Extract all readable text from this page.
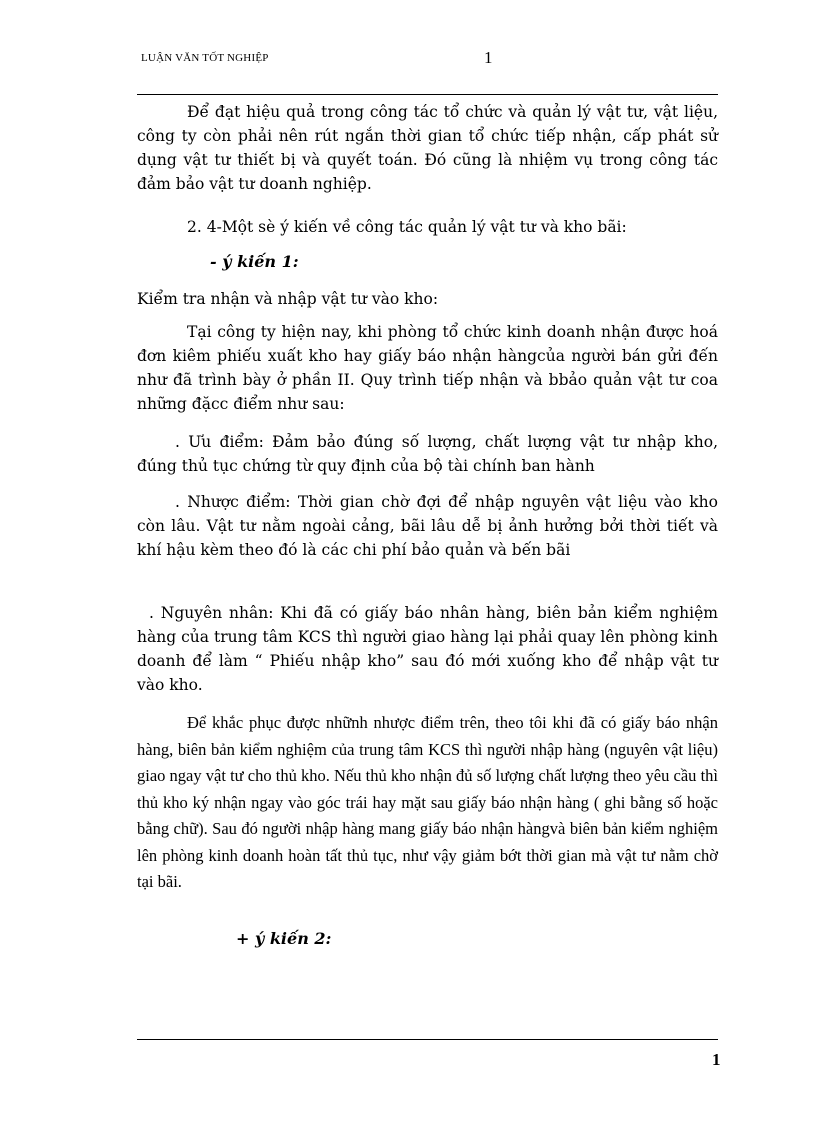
LUẬN VĂN TỐT NGHIỆP	1

Để đạt hiệu quả trong công tác tổ chức và quản lý vật tư, vật liệu, công ty còn phải nên rút ngắn thời gian tổ chức tiếp nhận, cấp phát sử dụng vật tư thiết bị và quyết toán. Đó cũng là nhiệm vụ trong công tác đảm bảo vật tư doanh nghiệp.

2. 4-Một sè ý kiến về công tác quản lý vật tư và kho bãi:

- ý kiến 1:

Kiểm tra nhận và nhập vật tư vào kho:

Tại công ty hiện nay, khi phòng tổ chức kinh doanh nhận được hoá đơn kiêm phiếu xuất kho hay giấy báo nhận hàngcủa người bán gửi đến như đã trình bày ở phần II. Quy trình tiếp nhận và bbảo quản vật tư coa những đặcc điểm như sau:

. Ưu điểm: Đảm bảo đúng số lượng, chất lượng vật tư nhập kho, đúng thủ tục chứng từ quy định của bộ tài chính ban hành

. Nhược điểm: Thời gian chờ đợi để nhập nguyên vật liệu vào kho còn lâu. Vật tư nằm ngoài cảng, bãi lâu dễ bị ảnh hưởng bởi thời tiết và khí hậu kèm theo đó là các chi phí bảo quản và bến bãi

. Nguyên nhân: Khi đã có giấy báo nhân hàng, biên bản kiểm nghiệm hàng của trung tâm KCS thì người giao hàng lại phải quay lên phòng kinh doanh để làm “ Phiếu nhập kho” sau đó mới xuống kho để nhập vật tư vào kho.

Để khắc phục được nhữnh nhược điểm trên, theo tôi khi đã có giấy báo nhận hàng, biên bản kiểm nghiệm của trung tâm KCS thì người nhập hàng (nguyên vật liệu) giao ngay vật tư cho thủ kho. Nếu thủ kho nhận đủ số lượng chất lượng theo yêu cầu thì thủ kho ký nhận ngay vào góc trái hay mặt sau giấy báo nhận hàng ( ghi bằng số hoặc bằng chữ). Sau đó người nhập hàng mang giấy báo nhận hàngvà biên bản kiểm nghiệm lên phòng kinh doanh hoàn tất thủ tục, như vậy giảm bớt thời gian mà vật tư nằm chờ tại bãi.

+ ý kiến 2:
1
